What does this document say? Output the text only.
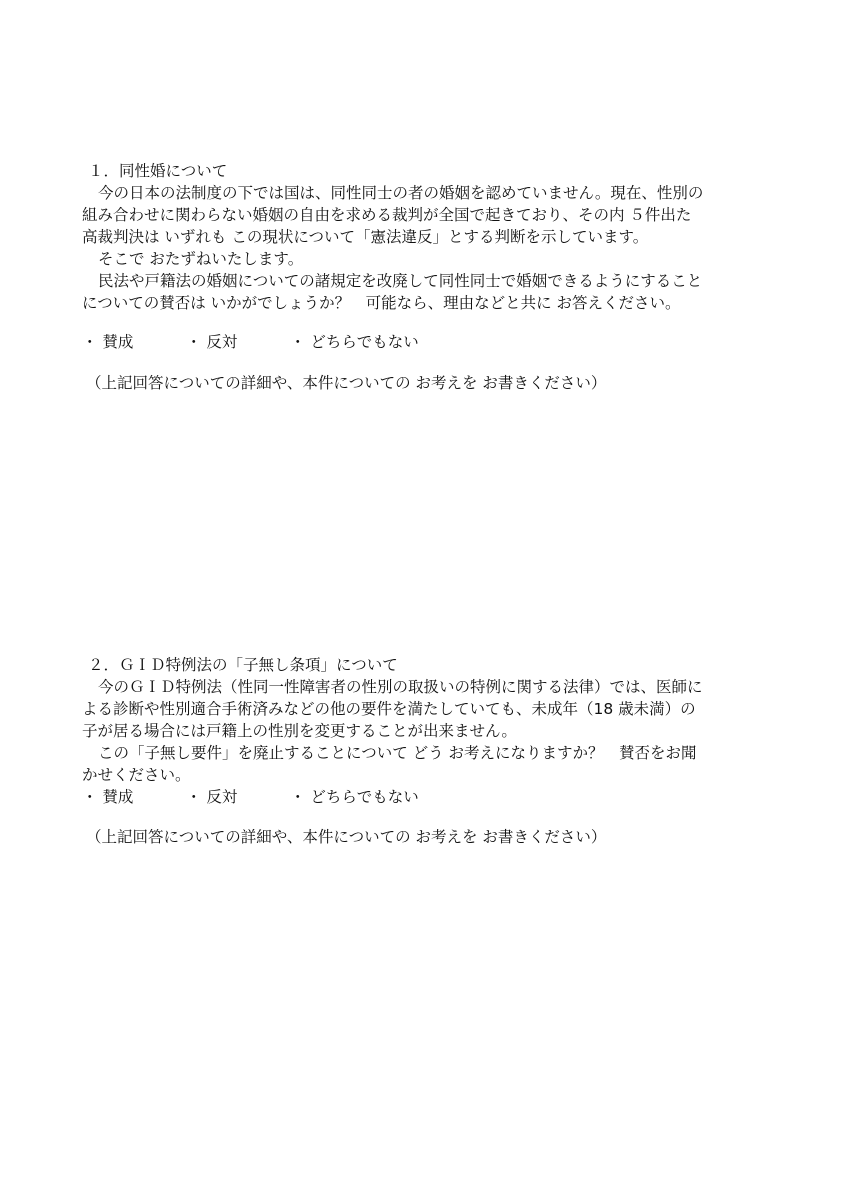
１．同性婚について
今の日本の法制度の下では国は、同性同士の者の婚姻を認めていません。現在、性別の
組み合わせに関わらない婚姻の自由を求める裁判が全国で起きており、その内 ５件出た
高裁判決は いずれも この現状について「憲法違反」とする判断を示しています。
そこで おたずねいたします。
民法や戸籍法の婚姻についての諸規定を改廃して同性同士で婚姻できるようにすること
についての賛否は いかがでしょうか？　可能なら、理由などと共に お答えください。
・ 賛成	・ 反対	・ どちらでもない
（上記回答についての詳細や、本件についての お考えを お書きください）
２．ＧＩＤ特例法の「子無し条項」について
今のＧＩＤ特例法（性同一性障害者の性別の取扱いの特例に関する法律）では、医師に
よる診断や性別適合手術済みなどの他の要件を満たしていても、未成年（18 歳未満）の
子が居る場合には戸籍上の性別を変更することが出来ません。
この「子無し要件」を廃止することについて どう お考えになりますか？　賛否をお聞
かせください。
・ 賛成	・ 反対	・ どちらでもない
（上記回答についての詳細や、本件についての お考えを お書きください）
